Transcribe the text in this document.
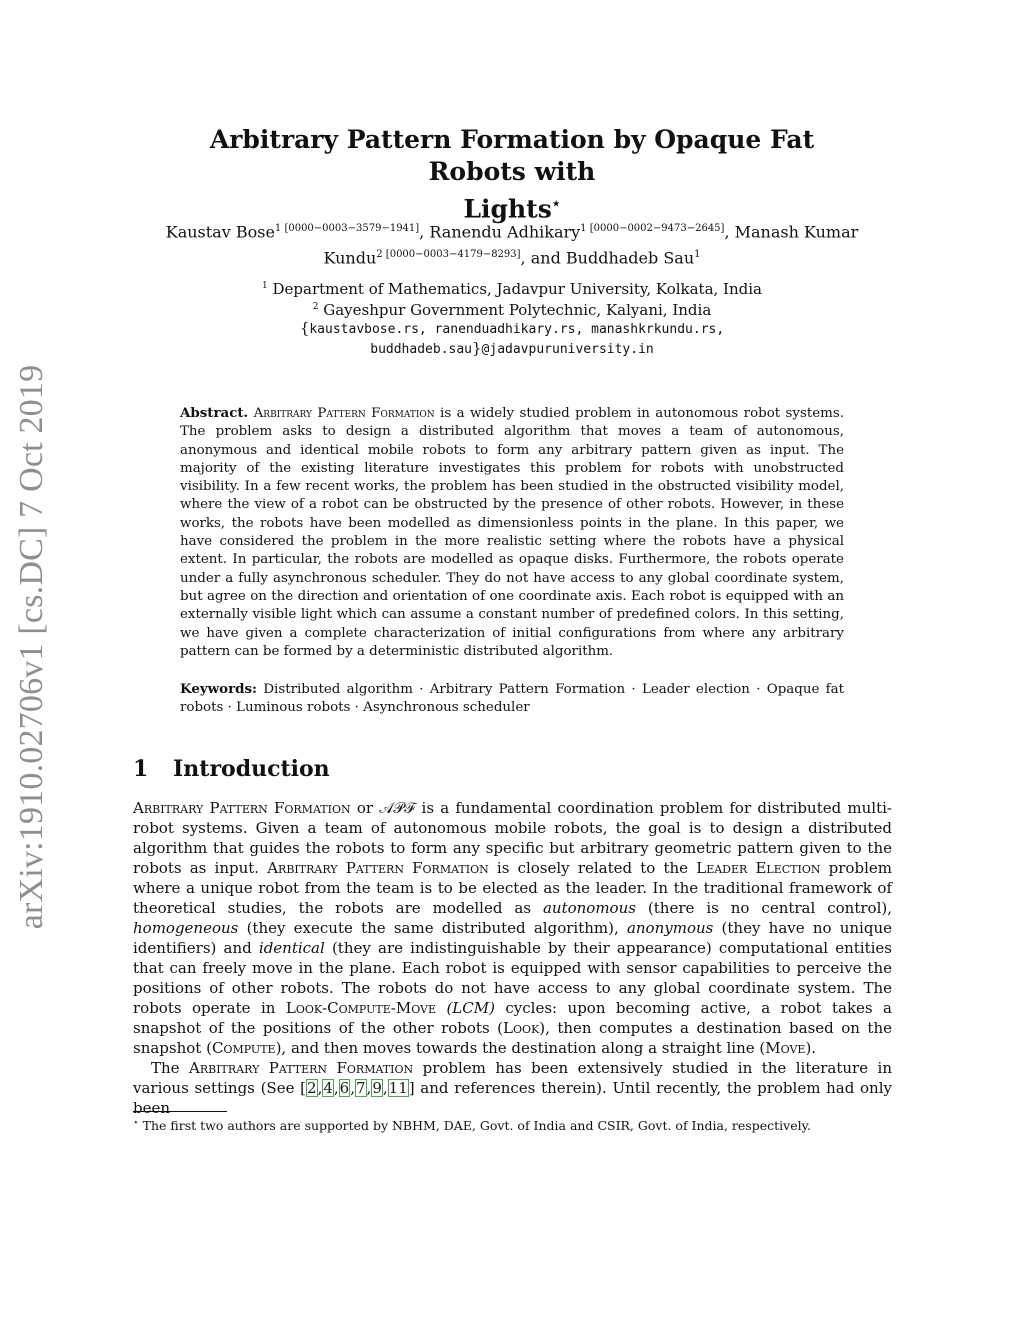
arXiv:1910.02706v1 [cs.DC] 7 Oct 2019
Arbitrary Pattern Formation by Opaque Fat Robots with
Lights⋆
Kaustav Bose$^{1 [0000-0003-3579-1941]}$, Ranendu Adhikary$^{1 [0000-0002-9473-2645]}$, Manash Kumar
Kundu$^{2 [0000-0003-4179-8293]}$, and Buddhadeb Sau$^1$
$^1$ Department of Mathematics, Jadavpur University, Kolkata, India
$^2$ Gayeshpur Government Polytechnic, Kalyani, India
{kaustavbose.rs, ranenduadhikary.rs, manashkrkundu.rs,
buddhadeb.sau}@jadavpuruniversity.in
Abstract. Arbitrary Pattern Formation is a widely studied problem in autonomous robot systems. The problem asks to design a distributed algorithm that moves a team of autonomous, anonymous and identical mobile robots to form any arbitrary pattern given as input. The majority of the existing literature investigates this problem for robots with unobstructed visibility. In a few recent works, the problem has been studied in the obstructed visibility model, where the view of a robot can be obstructed by the presence of other robots. However, in these works, the robots have been modelled as dimensionless points in the plane. In this paper, we have considered the problem in the more realistic setting where the robots have a physical extent. In particular, the robots are modelled as opaque disks. Furthermore, the robots operate under a fully asynchronous scheduler. They do not have access to any global coordinate system, but agree on the direction and orientation of one coordinate axis. Each robot is equipped with an externally visible light which can assume a constant number of predefined colors. In this setting, we have given a complete characterization of initial configurations from where any arbitrary pattern can be formed by a deterministic distributed algorithm.
Keywords: Distributed algorithm · Arbitrary Pattern Formation · Leader election · Opaque fat robots · Luminous robots · Asynchronous scheduler
1 Introduction

Arbitrary Pattern Formation or 𝒜𝒫ℱ is a fundamental coordination problem for distributed multi-robot systems. Given a team of autonomous mobile robots, the goal is to design a distributed algorithm that guides the robots to form any specific but arbitrary geometric pattern given to the robots as input. Arbitrary Pattern Formation is closely related to the Leader Election problem where a unique robot from the team is to be elected as the leader. In the traditional framework of theoretical studies, the robots are modelled as autonomous (there is no central control), homogeneous (they execute the same distributed algorithm), anonymous (they have no unique identifiers) and identical (they are indistinguishable by their appearance) computational entities that can freely move in the plane. Each robot is equipped with sensor capabilities to perceive the positions of other robots. The robots do not have access to any global coordinate system. The robots operate in Look-Compute-Move (LCM) cycles: upon becoming active, a robot takes a snapshot of the positions of the other robots (Look), then computes a destination based on the snapshot (Compute), and then moves towards the destination along a straight line (Move).

The Arbitrary Pattern Formation problem has been extensively studied in the literature in various settings (See [2,4,6,7,9,11] and references therein). Until recently, the problem had only been

⋆ The first two authors are supported by NBHM, DAE, Govt. of India and CSIR, Govt. of India, respectively.
